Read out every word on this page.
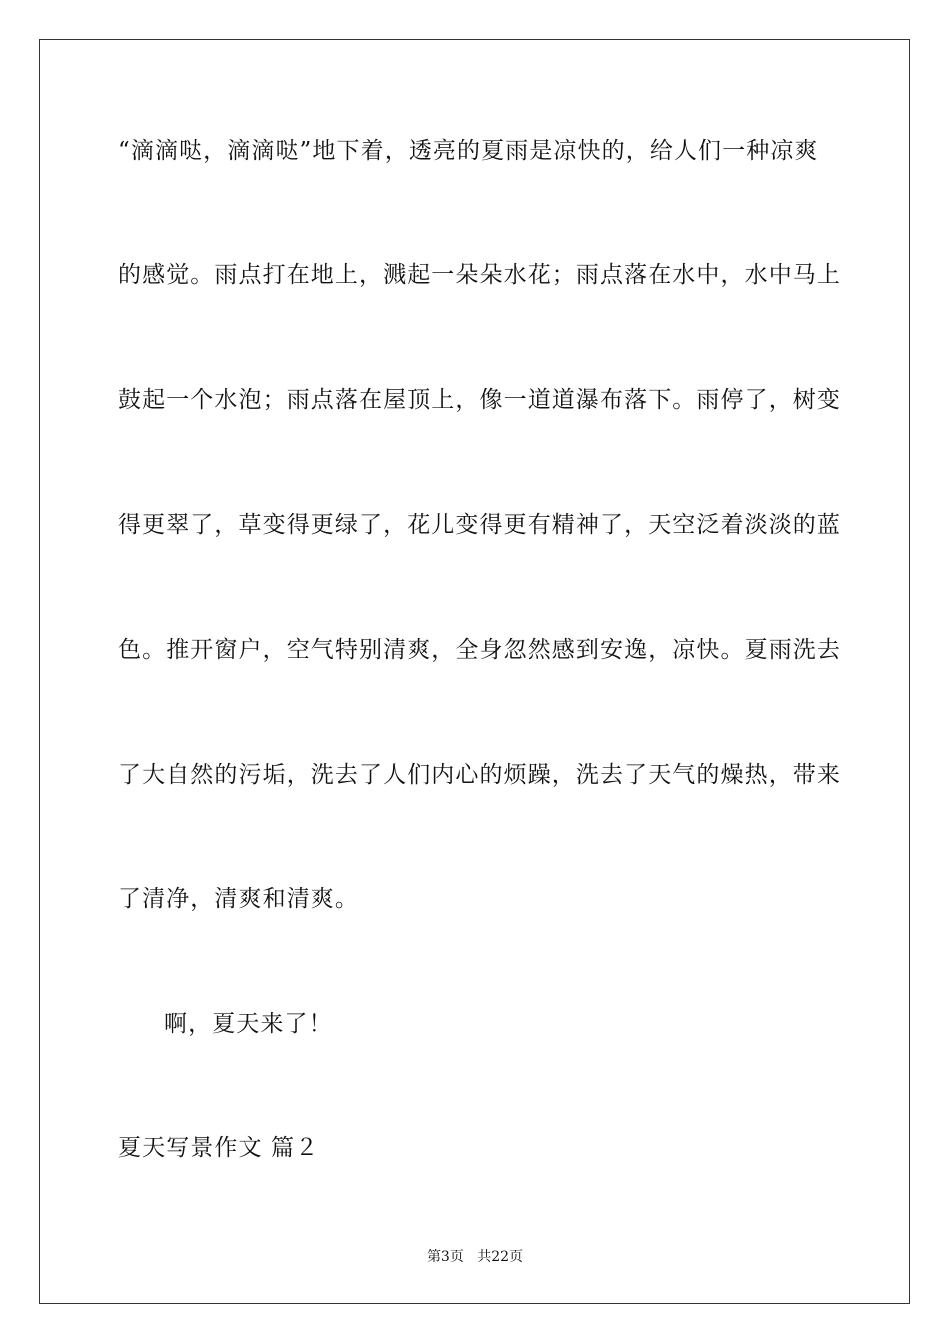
“滴滴哒，滴滴哒”地下着，透亮的夏雨是凉快的，给人们一种凉爽
的感觉。雨点打在地上，溅起一朵朵水花；雨点落在水中，水中马上
鼓起一个水泡；雨点落在屋顶上，像一道道瀑布落下。雨停了，树变
得更翠了，草变得更绿了，花儿变得更有精神了，天空泛着淡淡的蓝
色。推开窗户，空气特别清爽，全身忽然感到安逸，凉快。夏雨洗去
了大自然的污垢，洗去了人们内心的烦躁，洗去了天气的燥热，带来
了清净，清爽和清爽。
啊，夏天来了！
夏天写景作文 篇２
第3页 共22页
